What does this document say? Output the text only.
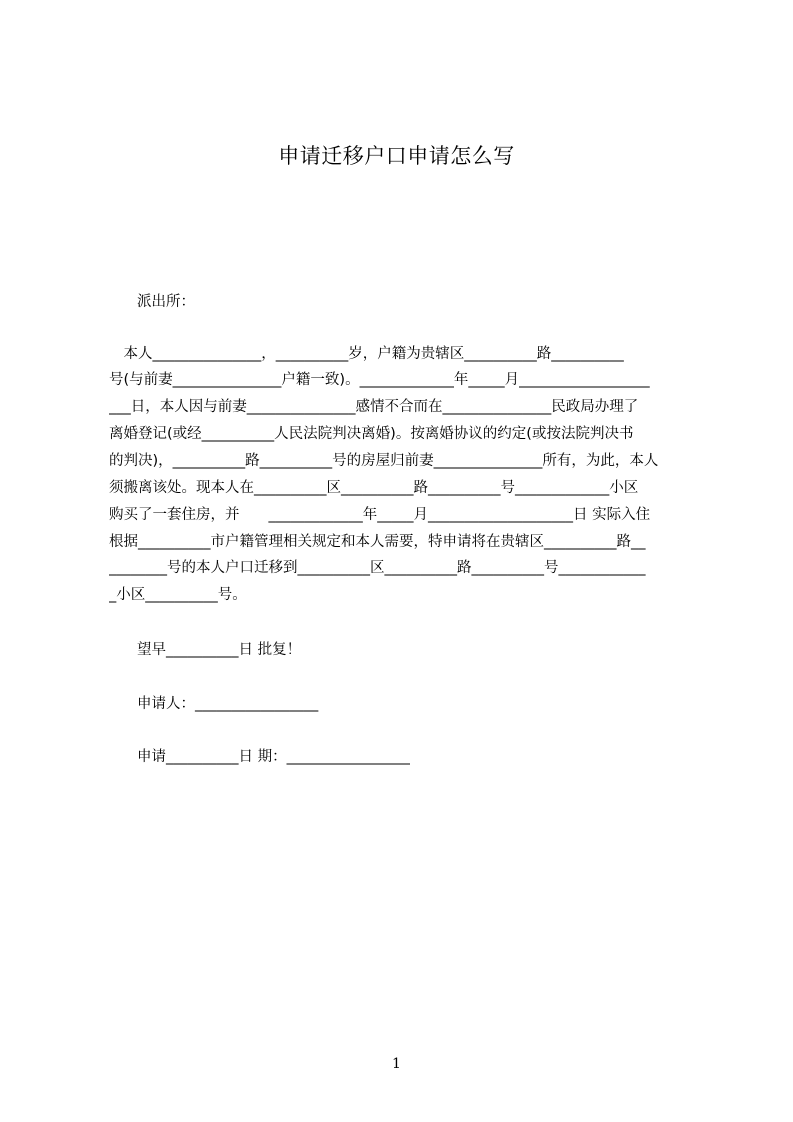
申请迁移户口申请怎么写
派出所：
　本人_______________，__________岁，户籍为贵辖区__________路__________
号(与前妻_______________户籍一致)。_____________年_____月__________________
___日，本人因与前妻_______________感情不合而在_______________民政局办理了
离婚登记(或经__________人民法院判决离婚)。按离婚协议的约定(或按法院判决书
的判决)，__________路__________号的房屋归前妻_______________所有，为此，本人
须搬离该处。现本人在__________区__________路__________号_____________小区
购买了一套住房，并　　_____________年_____月____________________日 实际入住
根据__________市户籍管理相关规定和本人需要，特申请将在贵辖区__________路__
________号的本人户口迁移到__________区__________路__________号____________
_小区__________号。
望早__________日 批复！
申请人：_________________
申请__________日 期：_________________
1
